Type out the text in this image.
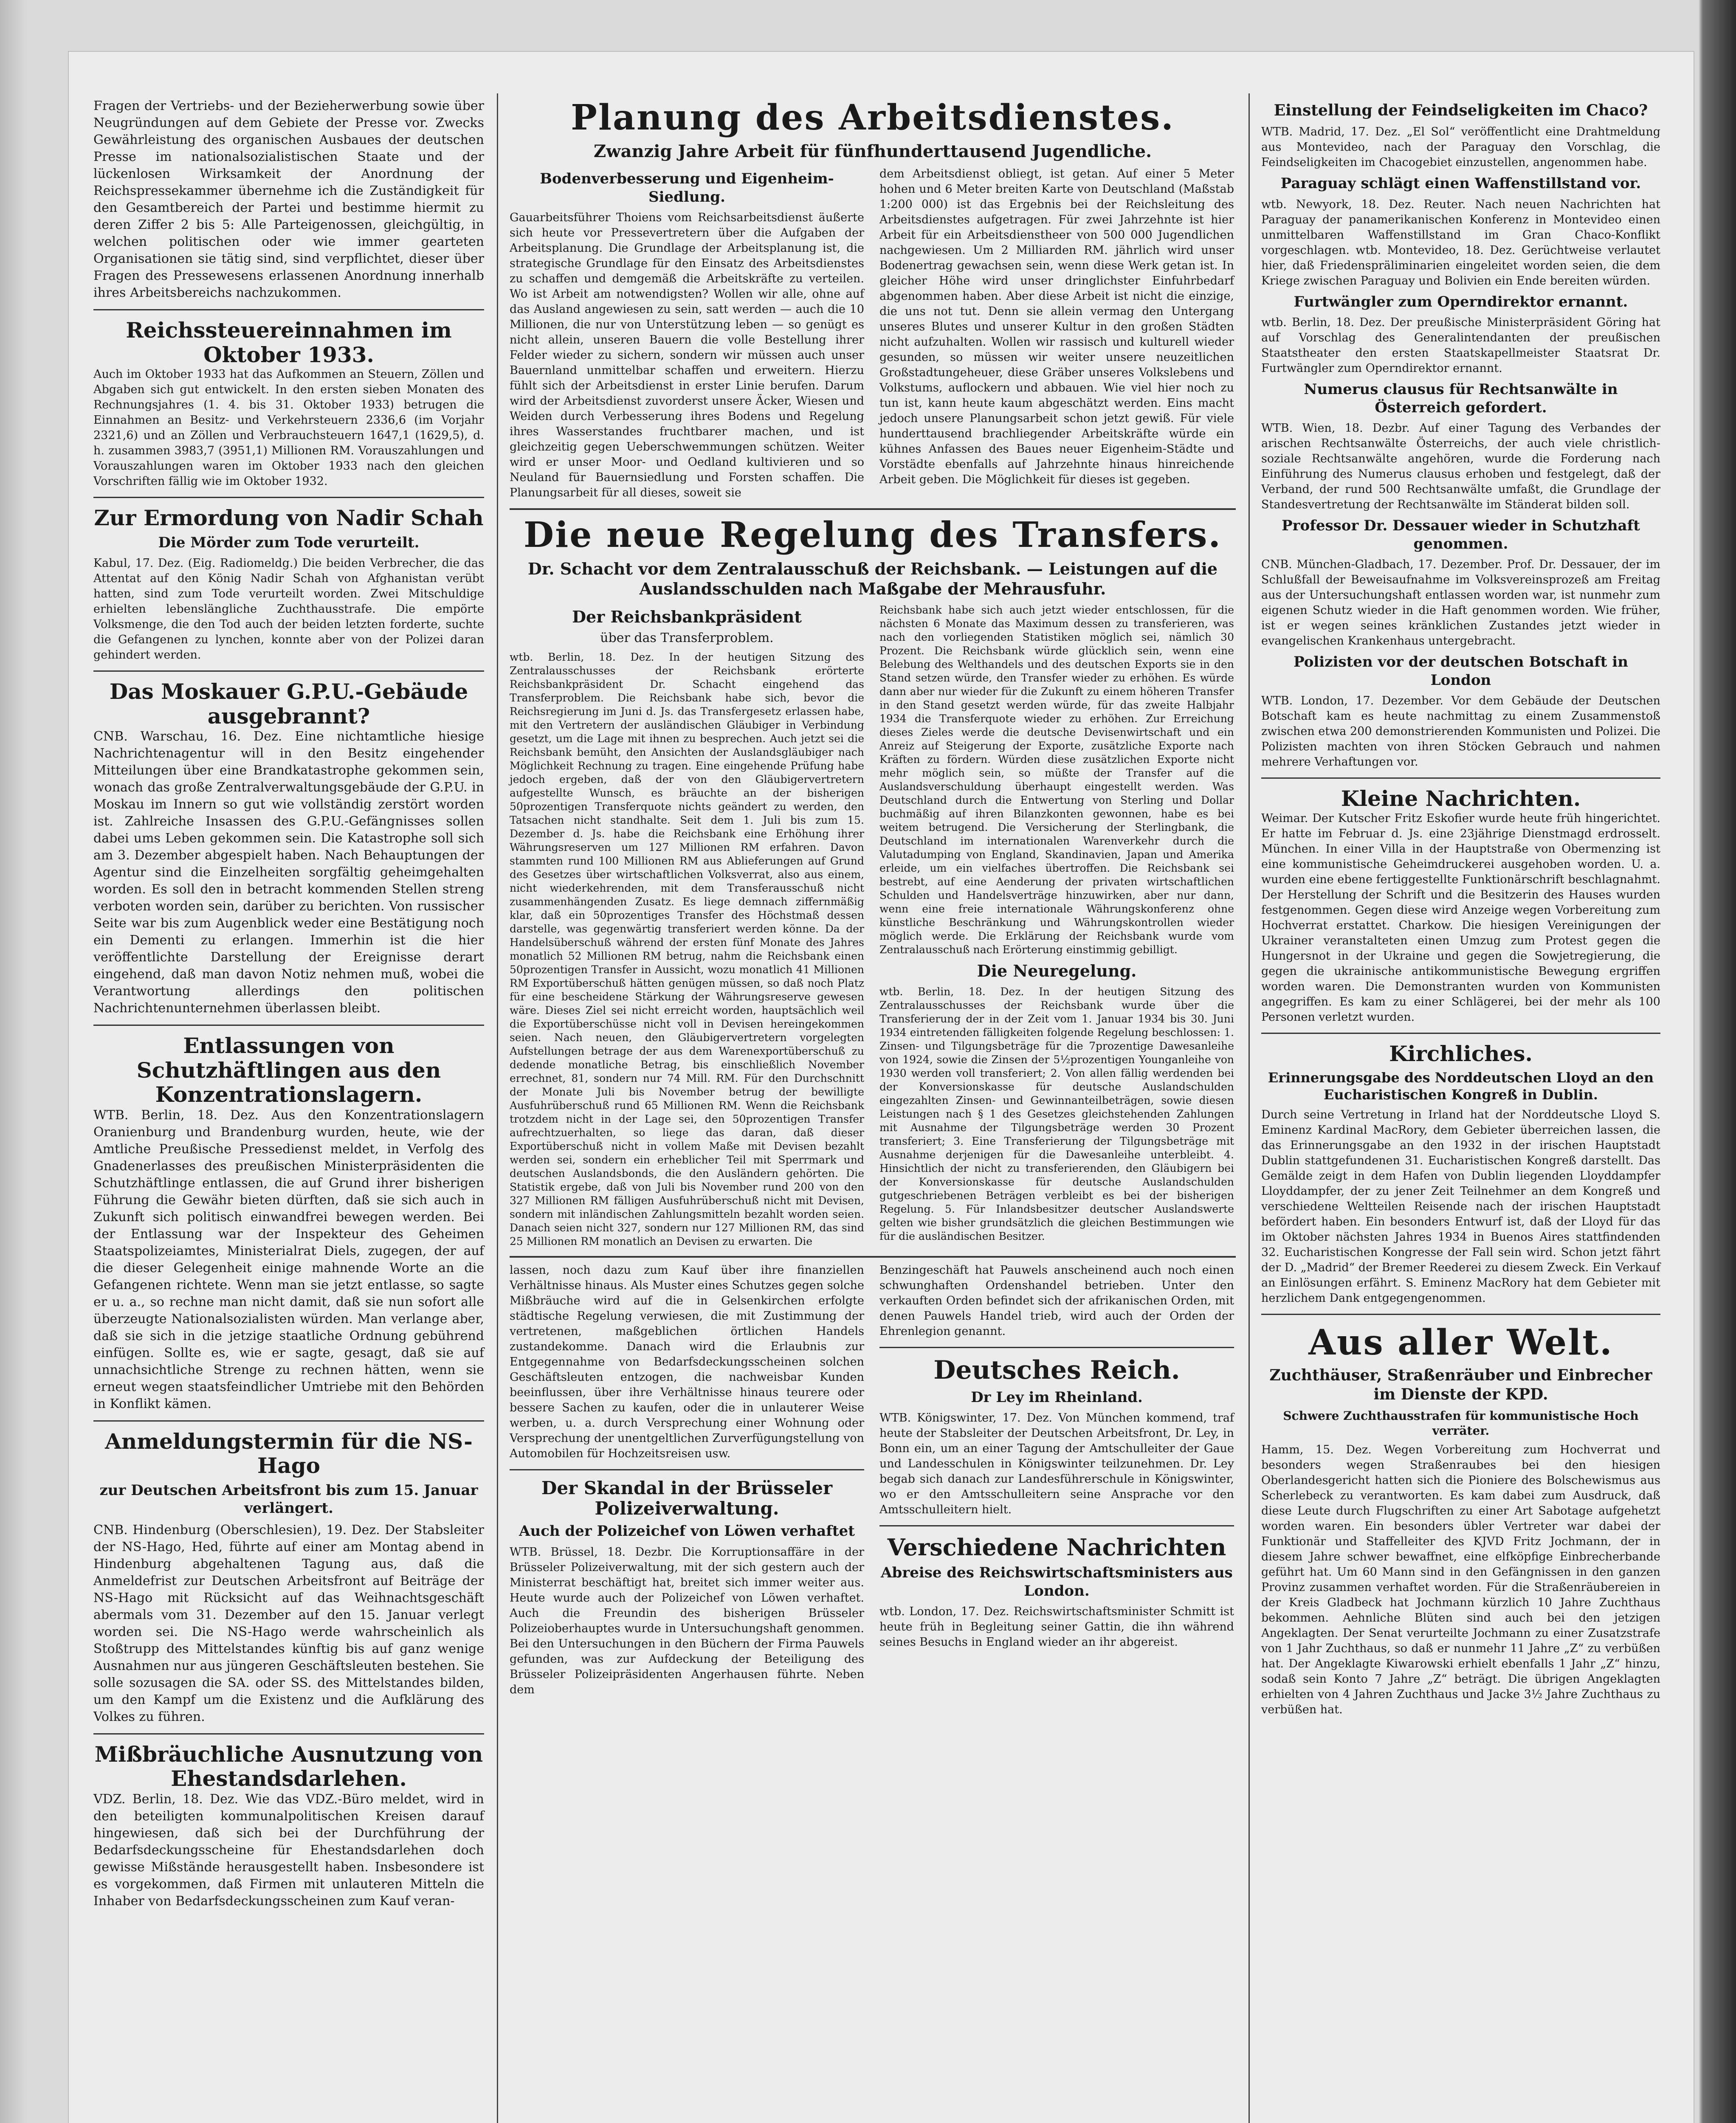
Fragen der Vertriebs- und der Bezieherwerbung sowie über Neugründungen auf dem Gebiete der Presse vor. Zwecks Gewährleistung des organischen Ausbaues der deutschen Presse im nationalsozialistischen Staate und der lückenlosen Wirksamkeit der Anordnung der Reichspressekammer übernehme ich die Zuständigkeit für den Gesamtbereich der Partei und bestimme hiermit zu deren Ziffer 2 bis 5: Alle Parteigenossen, gleichgültig, in welchen politischen oder wie immer gearteten Organisationen sie tätig sind, sind verpflichtet, dieser über Fragen des Pressewesens erlassenen Anordnung innerhalb ihres Arbeitsbereichs nachzukommen.

Reichssteuereinnahmen im Oktober 1933.

Auch im Oktober 1933 hat das Aufkommen an Steuern, Zöllen und Abgaben sich gut entwickelt. In den ersten sieben Monaten des Rechnungsjahres (1. 4. bis 31. Oktober 1933) betrugen die Einnahmen an Besitz- und Verkehrsteuern 2336,6 (im Vorjahr 2321,6) und an Zöllen und Verbrauchsteuern 1647,1 (1629,5), d. h. zusammen 3983,7 (3951,1) Millionen RM. Vorauszahlungen und Vorauszahlungen waren im Oktober 1933 nach den gleichen Vorschriften fällig wie im Oktober 1932.

Zur Ermordung von Nadir Schah
Die Mörder zum Tode verurteilt.

Kabul, 17. Dez. (Eig. Radiomeldg.) Die beiden Verbrecher, die das Attentat auf den König Nadir Schah von Afghanistan verübt hatten, sind zum Tode verurteilt worden. Zwei Mitschuldige erhielten lebenslängliche Zuchthausstrafe. Die empörte Volksmenge, die den Tod auch der beiden letzten forderte, suchte die Gefangenen zu lynchen, konnte aber von der Polizei daran gehindert werden.

Das Moskauer G.P.U.-Gebäude ausgebrannt?

CNB. Warschau, 16. Dez. Eine nichtamtliche hiesige Nachrichtenagentur will in den Besitz eingehender Mitteilungen über eine Brandkatastrophe gekommen sein, wonach das große Zentralverwaltungsgebäude der G.P.U. in Moskau im Innern so gut wie vollständig zerstört worden ist. Zahlreiche Insassen des G.P.U.-Gefängnisses sollen dabei ums Leben gekommen sein. Die Katastrophe soll sich am 3. Dezember abgespielt haben. Nach Behauptungen der Agentur sind die Einzelheiten sorgfältig geheimgehalten worden. Es soll den in betracht kommenden Stellen streng verboten worden sein, darüber zu berichten. Von russischer Seite war bis zum Augenblick weder eine Bestätigung noch ein Dementi zu erlangen. Immerhin ist die hier veröffentlichte Darstellung der Ereignisse derart eingehend, daß man davon Notiz nehmen muß, wobei die Verantwortung allerdings den politischen Nachrichtenunternehmen überlassen bleibt.

Entlassungen von Schutzhäftlingen aus den Konzentrationslagern.

WTB. Berlin, 18. Dez. Aus den Konzentrationslagern Oranienburg und Brandenburg wurden, heute, wie der Amtliche Preußische Pressedienst meldet, in Verfolg des Gnadenerlasses des preußischen Ministerpräsidenten die Schutzhäftlinge entlassen, die auf Grund ihrer bisherigen Führung die Gewähr bieten dürften, daß sie sich auch in Zukunft sich politisch einwandfrei bewegen werden. Bei der Entlassung war der Inspekteur des Geheimen Staatspolizeiamtes, Ministerialrat Diels, zugegen, der auf die dieser Gelegenheit einige mahnende Worte an die Gefangenen richtete. Wenn man sie jetzt entlasse, so sagte er u. a., so rechne man nicht damit, daß sie nun sofort alle überzeugte Nationalsozialisten würden. Man verlange aber, daß sie sich in die jetzige staatliche Ordnung gebührend einfügen. Sollte es, wie er sagte, gesagt, daß sie auf unnachsichtliche Strenge zu rechnen hätten, wenn sie erneut wegen staatsfeindlicher Umtriebe mit den Behörden in Konflikt kämen.

Anmeldungstermin für die NS-Hago
zur Deutschen Arbeitsfront bis zum 15. Januar verlängert.

CNB. Hindenburg (Oberschlesien), 19. Dez. Der Stabsleiter der NS-Hago, Hed, führte auf einer am Montag abend in Hindenburg abgehaltenen Tagung aus, daß die Anmeldefrist zur Deutschen Arbeitsfront auf Beiträge der NS-Hago mit Rücksicht auf das Weihnachtsgeschäft abermals vom 31. Dezember auf den 15. Januar verlegt worden sei. Die NS-Hago werde wahrscheinlich als Stoßtrupp des Mittelstandes künftig bis auf ganz wenige Ausnahmen nur aus jüngeren Geschäftsleuten bestehen. Sie solle sozusagen die SA. oder SS. des Mittelstandes bilden, um den Kampf um die Existenz und die Aufklärung des Volkes zu führen.

Mißbräuchliche Ausnutzung von Ehestandsdarlehen.

VDZ. Berlin, 18. Dez. Wie das VDZ.-Büro meldet, wird in den beteiligten kommunalpolitischen Kreisen darauf hingewiesen, daß sich bei der Durchführung der Bedarfsdeckungsscheine für Ehestandsdarlehen doch gewisse Mißstände herausgestellt haben. Insbesondere ist es vorgekommen, daß Firmen mit unlauteren Mitteln die Inhaber von Bedarfsdeckungsscheinen zum Kauf veran-

Planung des Arbeitsdienstes.
Zwanzig Jahre Arbeit für fünfhunderttausend Jugendliche.
Bodenverbesserung und Eigenheim-Siedlung.

Gauarbeitsführer Thoiens vom Reichsarbeitsdienst äußerte sich heute vor Pressevertretern über die Aufgaben der Arbeitsplanung. Die Grundlage der Arbeitsplanung ist, die strategische Grundlage für den Einsatz des Arbeitsdienstes zu schaffen und demgemäß die Arbeitskräfte zu verteilen. Wo ist Arbeit am notwendigsten? Wollen wir alle, ohne auf das Ausland angewiesen zu sein, satt werden — auch die 10 Millionen, die nur von Unterstützung leben — so genügt es nicht allein, unseren Bauern die volle Bestellung ihrer Felder wieder zu sichern, sondern wir müssen auch unser Bauernland unmittelbar schaffen und erweitern. Hierzu fühlt sich der Arbeitsdienst in erster Linie berufen. Darum wird der Arbeitsdienst zuvorderst unsere Äcker, Wiesen und Weiden durch Verbesserung ihres Bodens und Regelung ihres Wasserstandes fruchtbarer machen, und ist gleichzeitig gegen Ueberschwemmungen schützen. Weiter wird er unser Moor- und Oedland kultivieren und so Neuland für Bauernsiedlung und Forsten schaffen. Die Planungsarbeit für all dieses, soweit sie

dem Arbeitsdienst obliegt, ist getan. Auf einer 5 Meter hohen und 6 Meter breiten Karte von Deutschland (Maßstab 1:200 000) ist das Ergebnis bei der Reichsleitung des Arbeitsdienstes aufgetragen. Für zwei Jahrzehnte ist hier Arbeit für ein Arbeitsdienstheer von 500 000 Jugendlichen nachgewiesen. Um 2 Milliarden RM. jährlich wird unser Bodenertrag gewachsen sein, wenn diese Werk getan ist. In gleicher Höhe wird unser dringlichster Einfuhrbedarf abgenommen haben. Aber diese Arbeit ist nicht die einzige, die uns not tut. Denn sie allein vermag den Untergang unseres Blutes und unserer Kultur in den großen Städten nicht aufzuhalten. Wollen wir rassisch und kulturell wieder gesunden, so müssen wir weiter unsere neuzeitlichen Großstadtungeheuer, diese Gräber unseres Volkslebens und Volkstums, auflockern und abbauen. Wie viel hier noch zu tun ist, kann heute kaum abgeschätzt werden. Eins macht jedoch unsere Planungsarbeit schon jetzt gewiß. Für viele hunderttausend brachliegender Arbeitskräfte würde ein kühnes Anfassen des Baues neuer Eigenheim-Städte und Vorstädte ebenfalls auf Jahrzehnte hinaus hinreichende Arbeit geben. Die Möglichkeit für dieses ist gegeben.

Die neue Regelung des Transfers.
Dr. Schacht vor dem Zentralausschuß der Reichsbank. — Leistungen auf die Auslandsschulden nach Maßgabe der Mehrausfuhr.
Der Reichsbankpräsident
über das Transferproblem.

wtb. Berlin, 18. Dez. In der heutigen Sitzung des Zentralausschusses der Reichsbank erörterte Reichsbankpräsident Dr. Schacht eingehend das Transferproblem. Die Reichsbank habe sich, bevor die Reichsregierung im Juni d. Js. das Transfergesetz erlassen habe, mit den Vertretern der ausländischen Gläubiger in Verbindung gesetzt, um die Lage mit ihnen zu besprechen. Auch jetzt sei die Reichsbank bemüht, den Ansichten der Auslandsgläubiger nach Möglichkeit Rechnung zu tragen. Eine eingehende Prüfung habe jedoch ergeben, daß der von den Gläubigervertretern aufgestellte Wunsch, es bräuchte an der bisherigen 50prozentigen Transferquote nichts geändert zu werden, den Tatsachen nicht standhalte. Seit dem 1. Juli bis zum 15. Dezember d. Js. habe die Reichsbank eine Erhöhung ihrer Währungsreserven um 127 Millionen RM erfahren. Davon stammten rund 100 Millionen RM aus Ablieferungen auf Grund des Gesetzes über wirtschaftlichen Volksverrat, also aus einem, nicht wiederkehrenden, mit dem Transferausschuß nicht zusammenhängenden Zusatz. Es liege demnach ziffernmäßig klar, daß ein 50prozentiges Transfer des Höchstmaß dessen darstelle, was gegenwärtig transferiert werden könne. Da der Handelsüberschuß während der ersten fünf Monate des Jahres monatlich 52 Millionen RM betrug, nahm die Reichsbank einen 50prozentigen Transfer in Aussicht, wozu monatlich 41 Millionen RM Exportüberschuß hätten genügen müssen, so daß noch Platz für eine bescheidene Stärkung der Währungsreserve gewesen wäre. Dieses Ziel sei nicht erreicht worden, hauptsächlich weil die Exportüberschüsse nicht voll in Devisen hereingekommen seien. Nach neuen, den Gläubigervertretern vorgelegten Aufstellungen betrage der aus dem Warenexportüberschuß zu dedende monatliche Betrag, bis einschließlich November errechnet, 81, sondern nur 74 Mill. RM. Für den Durchschnitt der Monate Juli bis November betrug der bewilligte Ausfuhrüberschuß rund 65 Millionen RM. Wenn die Reichsbank trotzdem nicht in der Lage sei, den 50prozentigen Transfer aufrechtzuerhalten, so liege das daran, daß dieser Exportüberschuß nicht in vollem Maße mit Devisen bezahlt werden sei, sondern ein erheblicher Teil mit Sperrmark und deutschen Auslandsbonds, die den Ausländern gehörten. Die Statistik ergebe, daß von Juli bis November rund 200 von den 327 Millionen RM fälligen Ausfuhrüberschuß nicht mit Devisen, sondern mit inländischen Zahlungsmitteln bezahlt worden seien. Danach seien nicht 327, sondern nur 127 Millionen RM, das sind 25 Millionen RM monatlich an Devisen zu erwarten. Die

Reichsbank habe sich auch jetzt wieder entschlossen, für die nächsten 6 Monate das Maximum dessen zu transferieren, was nach den vorliegenden Statistiken möglich sei, nämlich 30 Prozent. Die Reichsbank würde glücklich sein, wenn eine Belebung des Welthandels und des deutschen Exports sie in den Stand setzen würde, den Transfer wieder zu erhöhen. Es würde dann aber nur wieder für die Zukunft zu einem höheren Transfer in den Stand gesetzt werden würde, für das zweite Halbjahr 1934 die Transferquote wieder zu erhöhen. Zur Erreichung dieses Zieles werde die deutsche Devisenwirtschaft und ein Anreiz auf Steigerung der Exporte, zusätzliche Exporte nach Kräften zu fördern. Würden diese zusätzlichen Exporte nicht mehr möglich sein, so müßte der Transfer auf die Auslandsverschuldung überhaupt eingestellt werden. Was Deutschland durch die Entwertung von Sterling und Dollar buchmäßig auf ihren Bilanzkonten gewonnen, habe es bei weitem betrugend. Die Versicherung der Sterlingbank, die Deutschland im internationalen Warenverkehr durch die Valutadumping von England, Skandinavien, Japan und Amerika erleide, um ein vielfaches übertroffen. Die Reichsbank sei bestrebt, auf eine Aenderung der privaten wirtschaftlichen Schulden und Handelsverträge hinzuwirken, aber nur dann, wenn eine freie internationale Währungskonferenz ohne künstliche Beschränkung und Währungskontrollen wieder möglich werde. Die Erklärung der Reichsbank wurde vom Zentralausschuß nach Erörterung einstimmig gebilligt.

Die Neuregelung.

wtb. Berlin, 18. Dez. In der heutigen Sitzung des Zentralausschusses der Reichsbank wurde über die Transferierung der in der Zeit vom 1. Januar 1934 bis 30. Juni 1934 eintretenden fälligkeiten folgende Regelung beschlossen: 1. Zinsen- und Tilgungsbeträge für die 7prozentige Dawesanleihe von 1924, sowie die Zinsen der 5½prozentigen Younganleihe von 1930 werden voll transferiert; 2. Von allen fällig werdenden bei der Konversionskasse für deutsche Auslandschulden eingezahlten Zinsen- und Gewinnanteilbeträgen, sowie diesen Leistungen nach § 1 des Gesetzes gleichstehenden Zahlungen mit Ausnahme der Tilgungsbeträge werden 30 Prozent transferiert; 3. Eine Transferierung der Tilgungsbeträge mit Ausnahme derjenigen für die Dawesanleihe unterbleibt. 4. Hinsichtlich der nicht zu transferierenden, den Gläubigern bei der Konversionskasse für deutsche Auslandschulden gutgeschriebenen Beträgen verbleibt es bei der bisherigen Regelung. 5. Für Inlandsbesitzer deutscher Auslandswerte gelten wie bisher grundsätzlich die gleichen Bestimmungen wie für die ausländischen Besitzer.

lassen, noch dazu zum Kauf über ihre finanziellen Verhältnisse hinaus. Als Muster eines Schutzes gegen solche Mißbräuche wird auf die in Gelsenkirchen erfolgte städtische Regelung verwiesen, die mit Zustimmung der vertretenen, maßgeblichen örtlichen Handels zustandekomme. Danach wird die Erlaubnis zur Entgegennahme von Bedarfsdeckungsscheinen solchen Geschäftsleuten entzogen, die nachweisbar Kunden beeinflussen, über ihre Verhältnisse hinaus teurere oder bessere Sachen zu kaufen, oder die in unlauterer Weise werben, u. a. durch Versprechung einer Wohnung oder Versprechung der unentgeltlichen Zurverfügungstellung von Automobilen für Hochzeitsreisen usw.

Der Skandal in der Brüsseler Polizeiverwaltung.
Auch der Polizeichef von Löwen verhaftet

WTB. Brüssel, 18. Dezbr. Die Korruptionsaffäre in der Brüsseler Polizeiverwaltung, mit der sich gestern auch der Ministerrat beschäftigt hat, breitet sich immer weiter aus. Heute wurde auch der Polizeichef von Löwen verhaftet. Auch die Freundin des bisherigen Brüsseler Polizeioberhauptes wurde in Untersuchungshaft genommen. Bei den Untersuchungen in den Büchern der Firma Pauwels gefunden, was zur Aufdeckung der Beteiligung des Brüsseler Polizeipräsidenten Angerhausen führte. Neben dem

Benzingeschäft hat Pauwels anscheinend auch noch einen schwunghaften Ordenshandel betrieben. Unter den verkauften Orden befindet sich der afrikanischen Orden, mit denen Pauwels Handel trieb, wird auch der Orden der Ehrenlegion genannt.

Deutsches Reich.
Dr Ley im Rheinland.

WTB. Königswinter, 17. Dez. Von München kommend, traf heute der Stabsleiter der Deutschen Arbeitsfront, Dr. Ley, in Bonn ein, um an einer Tagung der Amtschulleiter der Gaue und Landesschulen in Königswinter teilzunehmen. Dr. Ley begab sich danach zur Landesführerschule in Königswinter, wo er den Amtsschulleitern seine Ansprache vor den Amtsschulleitern hielt.

Verschiedene Nachrichten
Abreise des Reichswirtschaftsministers aus London.

wtb. London, 17. Dez. Reichswirtschaftsminister Schmitt ist heute früh in Begleitung seiner Gattin, die ihn während seines Besuchs in England wieder an ihr abgereist.

Einstellung der Feindseligkeiten im Chaco?

WTB. Madrid, 17. Dez. „El Sol“ veröffentlicht eine Drahtmeldung aus Montevideo, nach der Paraguay den Vorschlag, die Feindseligkeiten im Chacogebiet einzustellen, angenommen habe.

Paraguay schlägt einen Waffenstillstand vor.

wtb. Newyork, 18. Dez. Reuter. Nach neuen Nachrichten hat Paraguay der panamerikanischen Konferenz in Montevideo einen unmittelbaren Waffenstillstand im Gran Chaco-Konflikt vorgeschlagen. wtb. Montevideo, 18. Dez. Gerüchtweise verlautet hier, daß Friedenspräliminarien eingeleitet worden seien, die dem Kriege zwischen Paraguay und Bolivien ein Ende bereiten würden.

Furtwängler zum Operndirektor ernannt.

wtb. Berlin, 18. Dez. Der preußische Ministerpräsident Göring hat auf Vorschlag des Generalintendanten der preußischen Staatstheater den ersten Staatskapellmeister Staatsrat Dr. Furtwängler zum Operndirektor ernannt.

Numerus clausus für Rechtsanwälte in Österreich gefordert.

WTB. Wien, 18. Dezbr. Auf einer Tagung des Verbandes der arischen Rechtsanwälte Österreichs, der auch viele christlich-soziale Rechtsanwälte angehören, wurde die Forderung nach Einführung des Numerus clausus erhoben und festgelegt, daß der Verband, der rund 500 Rechtsanwälte umfaßt, die Grundlage der Standesvertretung der Rechtsanwälte im Ständerat bilden soll.

Professor Dr. Dessauer wieder in Schutzhaft genommen.

CNB. München-Gladbach, 17. Dezember. Prof. Dr. Dessauer, der im Schlußfall der Beweisaufnahme im Volksvereinsprozeß am Freitag aus der Untersuchungshaft entlassen worden war, ist nunmehr zum eigenen Schutz wieder in die Haft genommen worden. Wie früher, ist er wegen seines kränklichen Zustandes jetzt wieder in evangelischen Krankenhaus untergebracht.

Polizisten vor der deutschen Botschaft in London

WTB. London, 17. Dezember. Vor dem Gebäude der Deutschen Botschaft kam es heute nachmittag zu einem Zusammenstoß zwischen etwa 200 demonstrierenden Kommunisten und Polizei. Die Polizisten machten von ihren Stöcken Gebrauch und nahmen mehrere Verhaftungen vor.

Kleine Nachrichten.

Weimar. Der Kutscher Fritz Eskofier wurde heute früh hingerichtet. Er hatte im Februar d. Js. eine 23jährige Dienstmagd erdrosselt. München. In einer Villa in der Hauptstraße von Obermenzing ist eine kommunistische Geheimdruckerei ausgehoben worden. U. a. wurden eine ebene fertiggestellte Funktionärschrift beschlagnahmt. Der Herstellung der Schrift und die Besitzerin des Hauses wurden festgenommen. Gegen diese wird Anzeige wegen Vorbereitung zum Hochverrat erstattet. Charkow. Die hiesigen Vereinigungen der Ukrainer veranstalteten einen Umzug zum Protest gegen die Hungersnot in der Ukraine und gegen die Sowjetregierung, die gegen die ukrainische antikommunistische Bewegung ergriffen worden waren. Die Demonstranten wurden von Kommunisten angegriffen. Es kam zu einer Schlägerei, bei der mehr als 100 Personen verletzt wurden.

Kirchliches.
Erinnerungsgabe des Norddeutschen Lloyd an den Eucharistischen Kongreß in Dublin.

Durch seine Vertretung in Irland hat der Norddeutsche Lloyd S. Eminenz Kardinal MacRory, dem Gebieter überreichen lassen, die das Erinnerungsgabe an den 1932 in der irischen Hauptstadt Dublin stattgefundenen 31. Eucharistischen Kongreß darstellt. Das Gemälde zeigt in dem Hafen von Dublin liegenden Lloyddampfer Lloyddampfer, der zu jener Zeit Teilnehmer an dem Kongreß und verschiedene Weltteilen Reisende nach der irischen Hauptstadt befördert haben. Ein besonders Entwurf ist, daß der Lloyd für das im Oktober nächsten Jahres 1934 in Buenos Aires stattfindenden 32. Eucharistischen Kongresse der Fall sein wird. Schon jetzt fährt der D. „Madrid“ der Bremer Reederei zu diesem Zweck. Ein Verkauf an Einlösungen erfährt. S. Eminenz MacRory hat dem Gebieter mit herzlichem Dank entgegengenommen.

Aus aller Welt.
Zuchthäuser, Straßenräuber und Einbrecher im Dienste der KPD.
Schwere Zuchthausstrafen für kommunistische Hoch verräter.

Hamm, 15. Dez. Wegen Vorbereitung zum Hochverrat und besonders wegen Straßenraubes bei den hiesigen Oberlandesgericht hatten sich die Pioniere des Bolschewismus aus Scherlebeck zu verantworten. Es kam dabei zum Ausdruck, daß diese Leute durch Flugschriften zu einer Art Sabotage aufgehetzt worden waren. Ein besonders übler Vertreter war dabei der Funktionär und Staffelleiter des KJVD Fritz Jochmann, der in diesem Jahre schwer bewaffnet, eine elfköpfige Einbrecherbande geführt hat. Um 60 Mann sind in den Gefängnissen in den ganzen Provinz zusammen verhaftet worden. Für die Straßenräubereien in der Kreis Gladbeck hat Jochmann kürzlich 10 Jahre Zuchthaus bekommen. Aehnliche Blüten sind auch bei den jetzigen Angeklagten. Der Senat verurteilte Jochmann zu einer Zusatzstrafe von 1 Jahr Zuchthaus, so daß er nunmehr 11 Jahre „Z“ zu verbüßen hat. Der Angeklagte Kiwarowski erhielt ebenfalls 1 Jahr „Z“ hinzu, sodaß sein Konto 7 Jahre „Z“ beträgt. Die übrigen Angeklagten erhielten von 4 Jahren Zuchthaus und Jacke 3½ Jahre Zuchthaus zu verbüßen hat.
